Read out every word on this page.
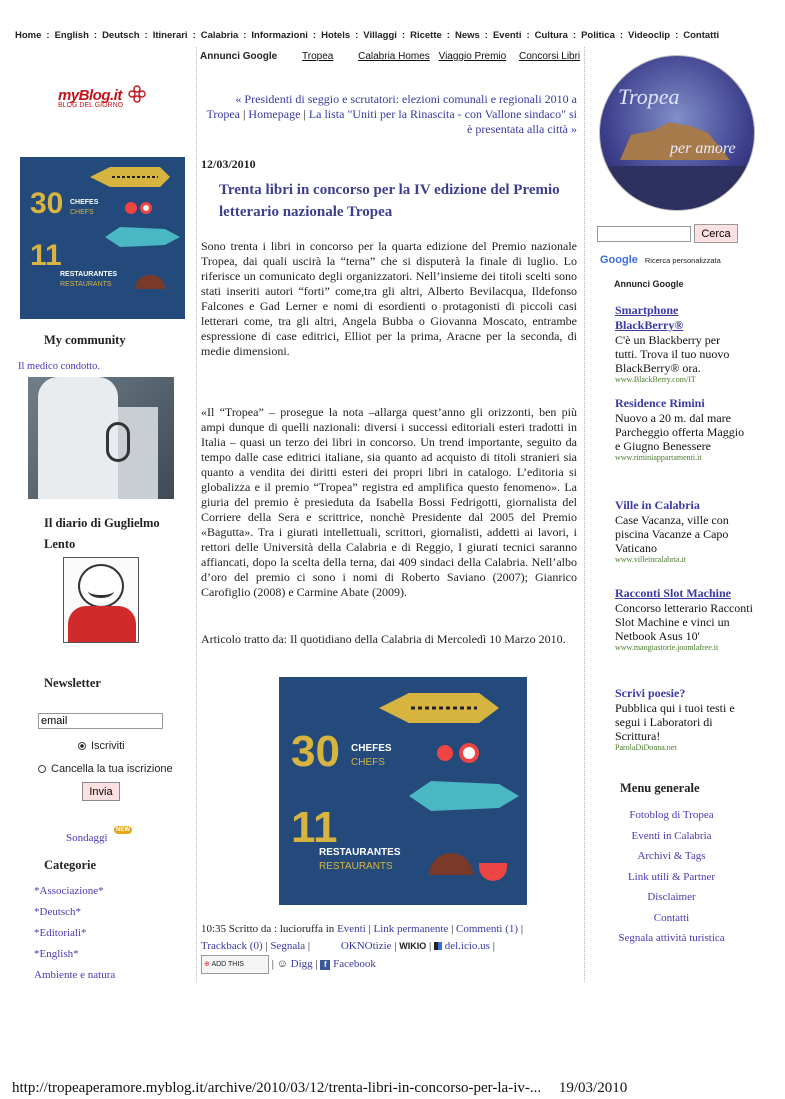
Home : English : Deutsch : Itinerari : Calabria : Informazioni : Hotels : Villaggi : Ricette : News : Eventi : Cultura : Politica : Videoclip : Contatti
myBlog.it
BLOG DEL GIORNO
30 CHEFES
CHEFS
11
RESTAURANTES
RESTAURANTS
My community
Il medico condotto.
Il diario di Guglielmo
Lento
Newsletter
email
Iscriviti
Cancella la tua iscrizione
Invia
Sondaggi
NEW
Categorie
*Associazione*
*Deutsch*
*Editoriali*
*English*
Ambiente e natura
Annunci Google Tropea Calabria Homes Viaggio Premio Concorsi Libri
« Presidenti di seggio e scrutatori: elezioni comunali e regionali 2010 a Tropea | Homepage | La lista "Uniti per la Rinascita - con Vallone sindaco" si è presentata alla città »
12/03/2010
Trenta libri in concorso per la IV edizione del Premio letterario nazionale Tropea
Sono trenta i libri in concorso per la quarta edizione del Premio nazionale Tropea, dai quali uscirà la “terna” che si disputerà la finale di luglio. Lo riferisce un comunicato degli organizzatori. Nell’insieme dei titoli scelti sono stati inseriti autori “forti” come,tra gli altri, Alberto Bevilacqua, Ildefonso Falcones e Gad Lerner e nomi di esordienti o protagonisti di piccoli casi letterari come, tra gli altri, Angela Bubba o Giovanna Moscato, entrambe espressione di case editrici, Elliot per la prima, Aracne per la seconda, di medie dimensioni.
«Il “Tropea” – prosegue la nota –allarga quest’anno gli orizzonti, ben più ampi dunque di quelli nazionali: diversi i successi editoriali esteri tradotti in Italia – quasi un terzo dei libri in concorso. Un trend importante, seguito da tempo dalle case editrici italiane, sia quanto ad acquisto di titoli stranieri sia quanto a vendita dei diritti esteri dei propri libri in catalogo. L’editoria si globalizza e il premio “Tropea” registra ed amplifica questo fenomeno». La giuria del premio è presieduta da Isabella Bossi Fedrigotti, giornalista del Corriere della Sera e scrittrice, nonchè Presidente dal 2005 del Premio «Bagutta». Tra i giurati intellettuali, scrittori, giornalisti, addetti ai lavori, i rettori delle Università della Calabria e di Reggio, I giurati tecnici saranno affiancati, dopo la scelta della terna, dai 409 sindaci della Calabria. Nell’albo d’oro del premio ci sono i nomi di Roberto Saviano (2007); Gianrico Carofiglio (2008) e Carmine Abate (2009).
Articolo tratto da: Il quotidiano della Calabria di Mercoledì 10 Marzo 2010.
30 CHEFES
CHEFS
11
RESTAURANTES
RESTAURANTS
10:35 Scritto da : lucioruffa in Eventi | Link permanente | Commenti (1) |
Trackback (0) | Segnala |	OKNOtizie | WIKIO |  del.icio.us |
⊕ ADD THIS | ☺ Digg | f Facebook
Tropea
per amore
Cerca
Google Ricerca personalizzata
Annunci Google
Smartphone BlackBerry®
C'è un Blackberry per tutti. Trova il tuo nuovo BlackBerry® ora.
www.BlackBerry.com/IT
Residence Rimini
Nuovo a 20 m. dal mare Parcheggio offerta Maggio e Giugno Benessere
www.riminiappartamenti.it
Ville in Calabria
Case Vacanza, ville con piscina Vacanze a Capo Vaticano
www.villeincalabria.it
Racconti Slot Machine
Concorso letterario Racconti Slot Machine e vinci un Netbook Asus 10'
www.mangiastorie.joomlafree.it
Scrivi poesie?
Pubblica qui i tuoi testi e segui i Laboratori di Scrittura!
ParolaDiDonna.net
Menu generale
Fotoblog di Tropea
Eventi in Calabria
Archivi & Tags
Link utili & Partner
Disclaimer
Contatti
Segnala attività turistica
http://tropeaperamore.myblog.it/archive/2010/03/12/trenta-libri-in-concorso-per-la-iv-... 19/03/2010
